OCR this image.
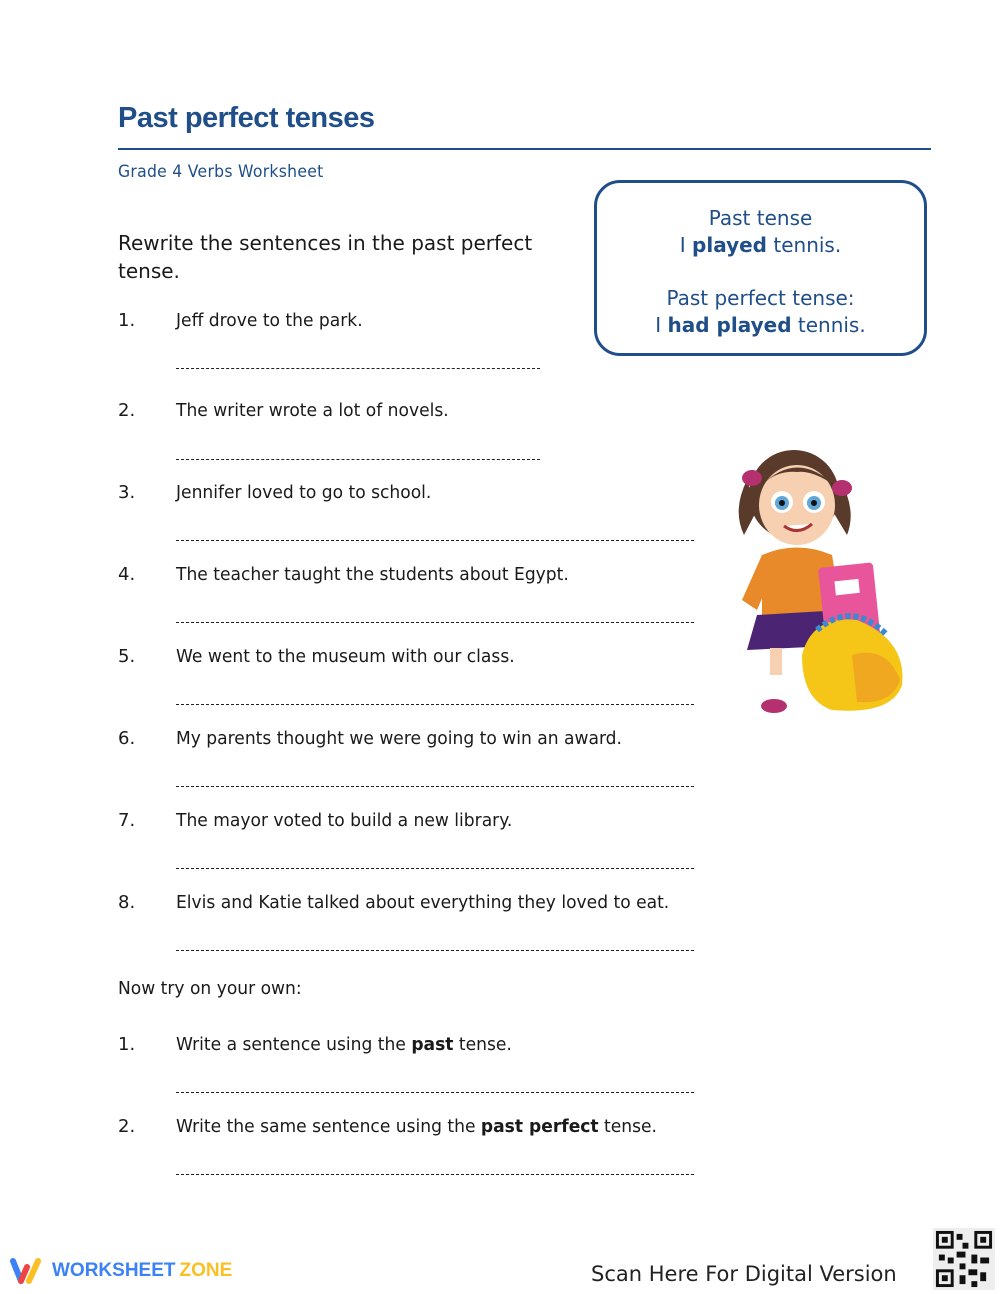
Past perfect tenses
Grade 4 Verbs Worksheet
Past tense
I played tennis.
Past perfect tense:
I had played tennis.
Rewrite the sentences in the past perfect tense.
1. Jeff drove to the park.
2. The writer wrote a lot of novels.
3. Jennifer loved to go to school.
4. The teacher taught the students about Egypt.
5. We went to the museum with our class.
6. My parents thought we were going to win an award.
7. The mayor voted to build a new library.
8. Elvis and Katie talked about everything they loved to eat.
Now try on your own:
1. Write a sentence using the past tense.
2. Write the same sentence using the past perfect tense.
WORKSHEET ZONE	Scan Here For Digital Version
